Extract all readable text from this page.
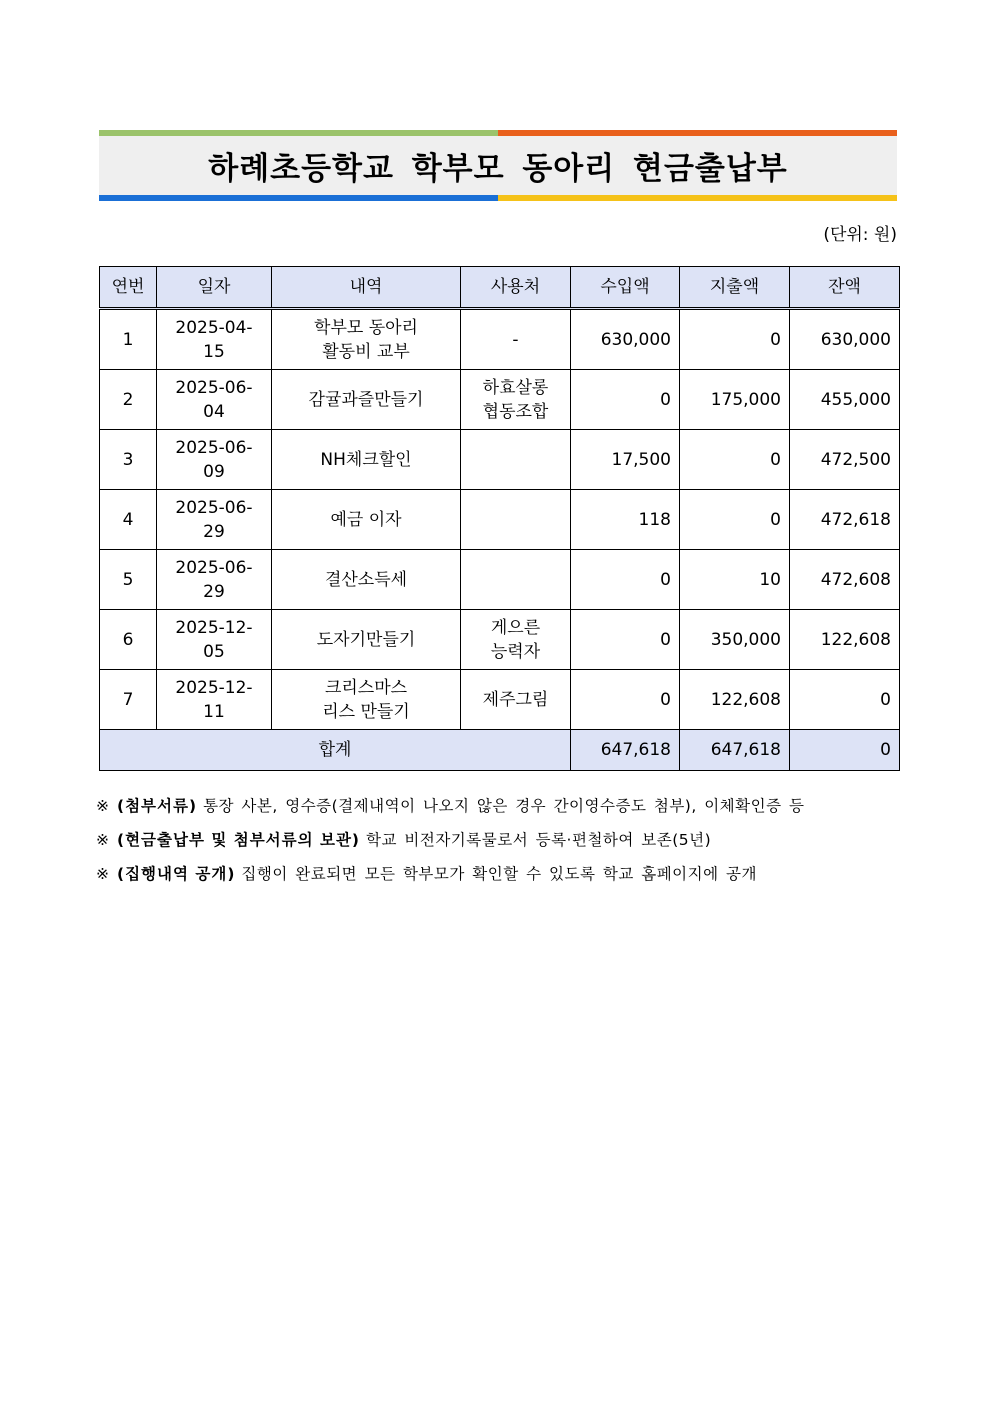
하례초등학교 학부모 동아리 현금출납부
(단위: 원)
연번	일자	내역	사용처	수입액	지출액	잔액
1	2025-04-15	학부모 동아리
활동비 교부	-	630,000	0	630,000
2	2025-06-04	감귤과즐만들기	하효살롱
협동조합	0	175,000	455,000
3	2025-06-09	NH체크할인		17,500	0	472,500
4	2025-06-29	예금 이자		118	0	472,618
5	2025-06-29	결산소득세		0	10	472,608
6	2025-12-05	도자기만들기	게으른
능력자	0	350,000	122,608
7	2025-12-11	크리스마스
리스 만들기	제주그림	0	122,608	0
합계				647,618	647,618	0
※ (첨부서류) 통장 사본, 영수증(결제내역이 나오지 않은 경우 간이영수증도 첨부), 이체확인증 등
※ (현금출납부 및 첨부서류의 보관) 학교 비전자기록물로서 등록·편철하여 보존(5년)
※ (집행내역 공개) 집행이 완료되면 모든 학부모가 확인할 수 있도록 학교 홈페이지에 공개
